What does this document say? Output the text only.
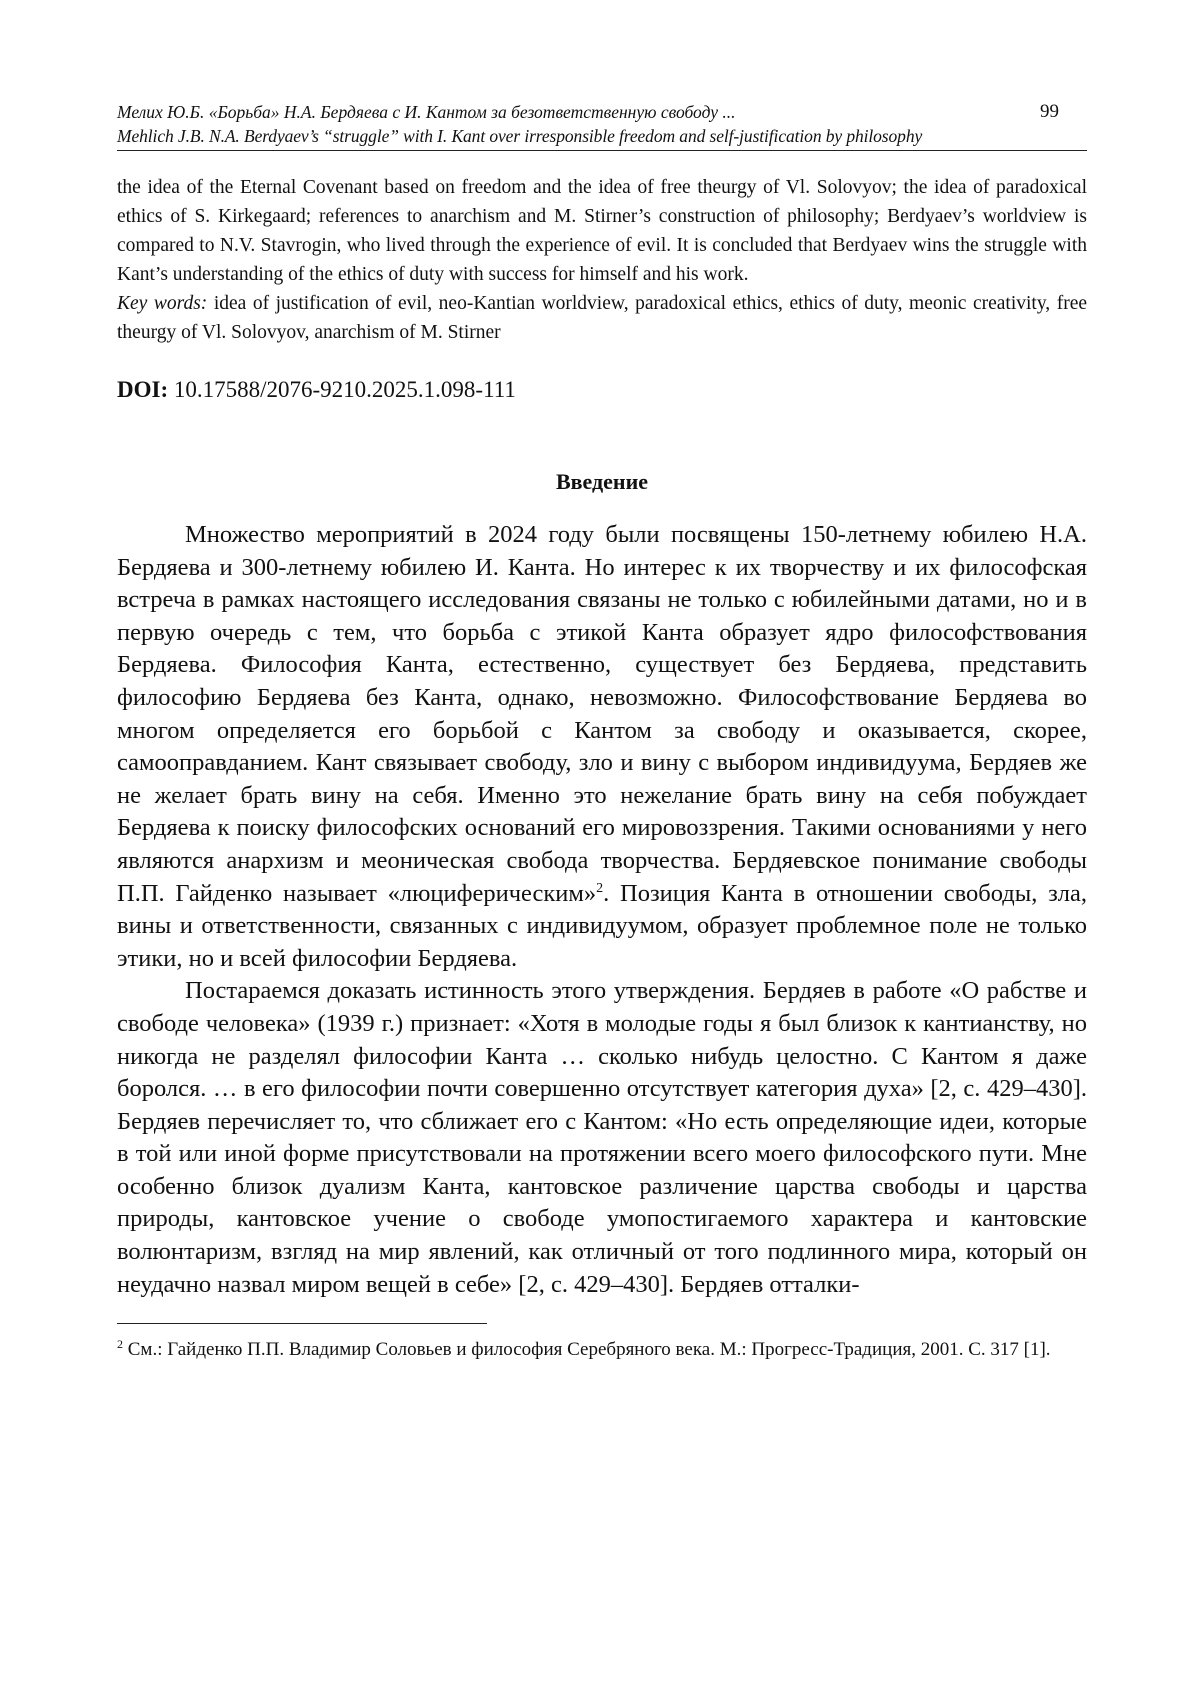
Мелих Ю.Б. «Борьба» Н.А. Бердяева с И. Кантом за безответственную свободу ...	99
Mehlich J.B. N.A. Berdyaev’s “struggle” with I. Kant over irresponsible freedom and self-justification by philosophy

the idea of the Eternal Covenant based on freedom and the idea of free theurgy of Vl. Solovyov; the idea of paradoxical ethics of S. Kirkegaard; references to anarchism and M. Stirner’s construction of philosophy; Berdyaev’s worldview is compared to N.V. Stavrogin, who lived through the experience of evil. It is concluded that Berdyaev wins the struggle with Kant’s understanding of the ethics of duty with success for himself and his work.

Key words: idea of justification of evil, neo-Kantian worldview, paradoxical ethics, ethics of duty, meonic creativity, free theurgy of Vl. Solovyov, anarchism of M. Stirner

DOI: 10.17588/2076-9210.2025.1.098-111
Введение

Множество мероприятий в 2024 году были посвящены 150-летнему юбилею Н.А. Бердяева и 300-летнему юбилею И. Канта. Но интерес к их творчеству и их философская встреча в рамках настоящего исследования связаны не только с юбилейными датами, но и в первую очередь с тем, что борьба с этикой Канта образует ядро философствования Бердяева. Философия Канта, естественно, существует без Бердяева, представить философию Бердяева без Канта, однако, невозможно. Философствование Бердяева во многом определяется его борьбой с Кантом за свободу и оказывается, скорее, самооправданием. Кант связывает свободу, зло и вину с выбором индивидуума, Бердяев же не желает брать вину на себя. Именно это нежелание брать вину на себя побуждает Бердяева к поиску философских оснований его мировоззрения. Такими основаниями у него являются анархизм и меоническая свобода творчества. Бердяевское понимание свободы П.П. Гайденко называет «люциферическим»$^2$. Позиция Канта в отношении свободы, зла, вины и ответственности, связанных с индивидуумом, образует проблемное поле не только этики, но и всей философии Бердяева.

Постараемся доказать истинность этого утверждения. Бердяев в работе «О рабстве и свободе человека» (1939 г.) признает: «Хотя в молодые годы я был близок к кантианству, но никогда не разделял философии Канта … сколько нибудь целостно. С Кантом я даже боролся. … в его философии почти совершенно отсутствует категория духа» [2, с. 429–430]. Бердяев перечисляет то, что сближает его с Кантом: «Но есть определяющие идеи, которые в той или иной форме присутствовали на протяжении всего моего философского пути. Мне особенно близок дуализм Канта, кантовское различение царства свободы и царства природы, кантовское учение о свободе умопостигаемого характера и кантовские волюнтаризм, взгляд на мир явлений, как отличный от того подлинного мира, который он неудачно назвал миром вещей в себе» [2, с. 429–430]. Бердяев отталки-

$^2$ См.: Гайденко П.П. Владимир Соловьев и философия Серебряного века. М.: Прогресс-Традиция, 2001. С. 317 [1].
